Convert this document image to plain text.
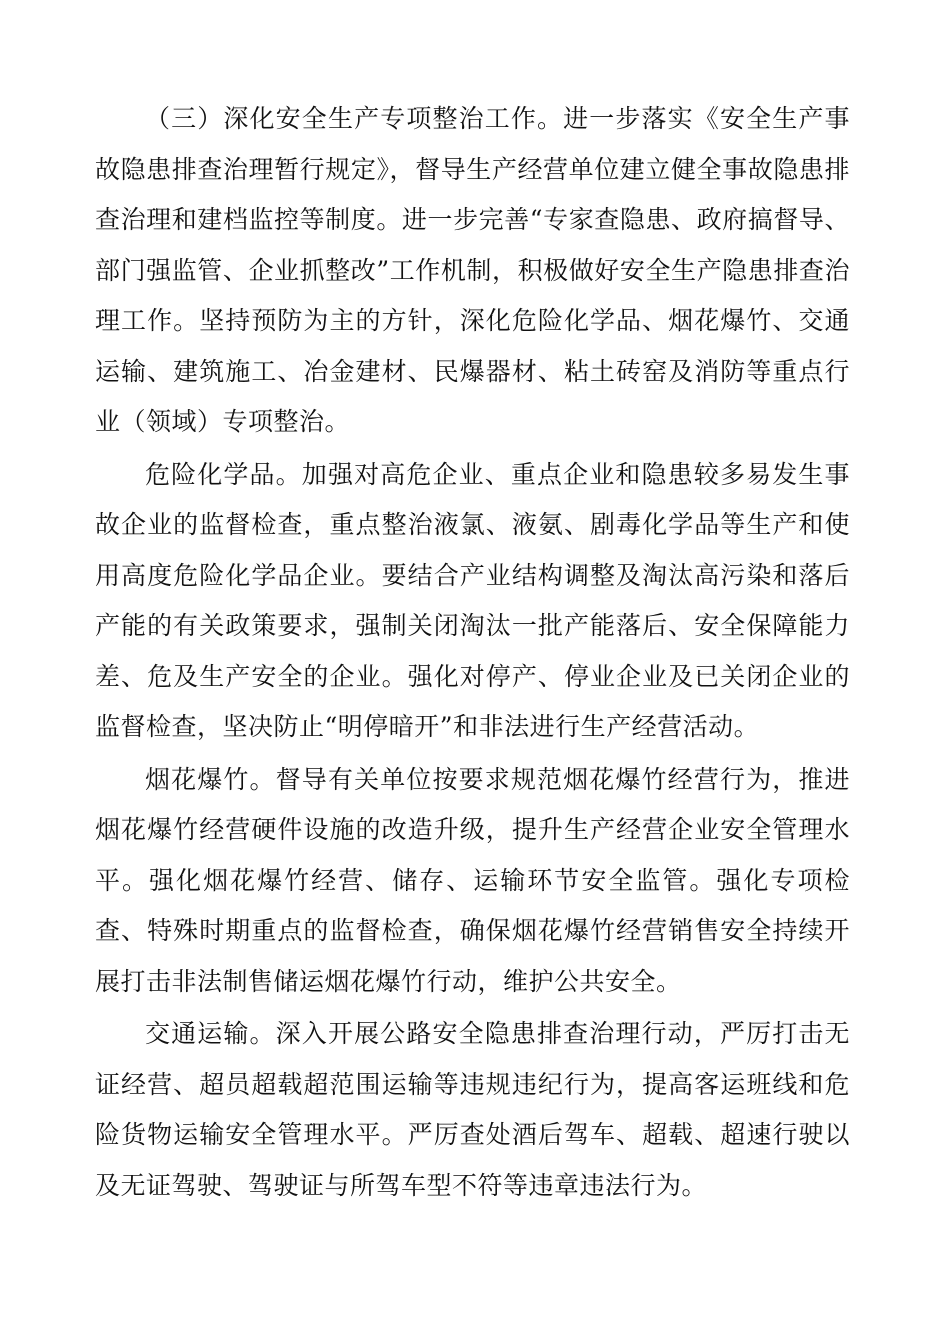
（三）深化安全生产专项整治工作。进一步落实《安全生产事故隐患排查治理暂行规定》，督导生产经营单位建立健全事故隐患排查治理和建档监控等制度。进一步完善“专家查隐患、政府搞督导、部门强监管、企业抓整改”工作机制，积极做好安全生产隐患排查治理工作。坚持预防为主的方针，深化危险化学品、烟花爆竹、交通运输、建筑施工、冶金建材、民爆器材、粘土砖窑及消防等重点行业（领域）专项整治。

危险化学品。加强对高危企业、重点企业和隐患较多易发生事故企业的监督检查，重点整治液氯、液氨、剧毒化学品等生产和使用高度危险化学品企业。要结合产业结构调整及淘汰高污染和落后产能的有关政策要求，强制关闭淘汰一批产能落后、安全保障能力差、危及生产安全的企业。强化对停产、停业企业及已关闭企业的监督检查，坚决防止“明停暗开”和非法进行生产经营活动。

烟花爆竹。督导有关单位按要求规范烟花爆竹经营行为，推进烟花爆竹经营硬件设施的改造升级，提升生产经营企业安全管理水平。强化烟花爆竹经营、储存、运输环节安全监管。强化专项检查、特殊时期重点的监督检查，确保烟花爆竹经营销售安全持续开展打击非法制售储运烟花爆竹行动，维护公共安全。

交通运输。深入开展公路安全隐患排查治理行动，严厉打击无证经营、超员超载超范围运输等违规违纪行为，提高客运班线和危险货物运输安全管理水平。严厉查处酒后驾车、超载、超速行驶以及无证驾驶、驾驶证与所驾车型不符等违章违法行为。
